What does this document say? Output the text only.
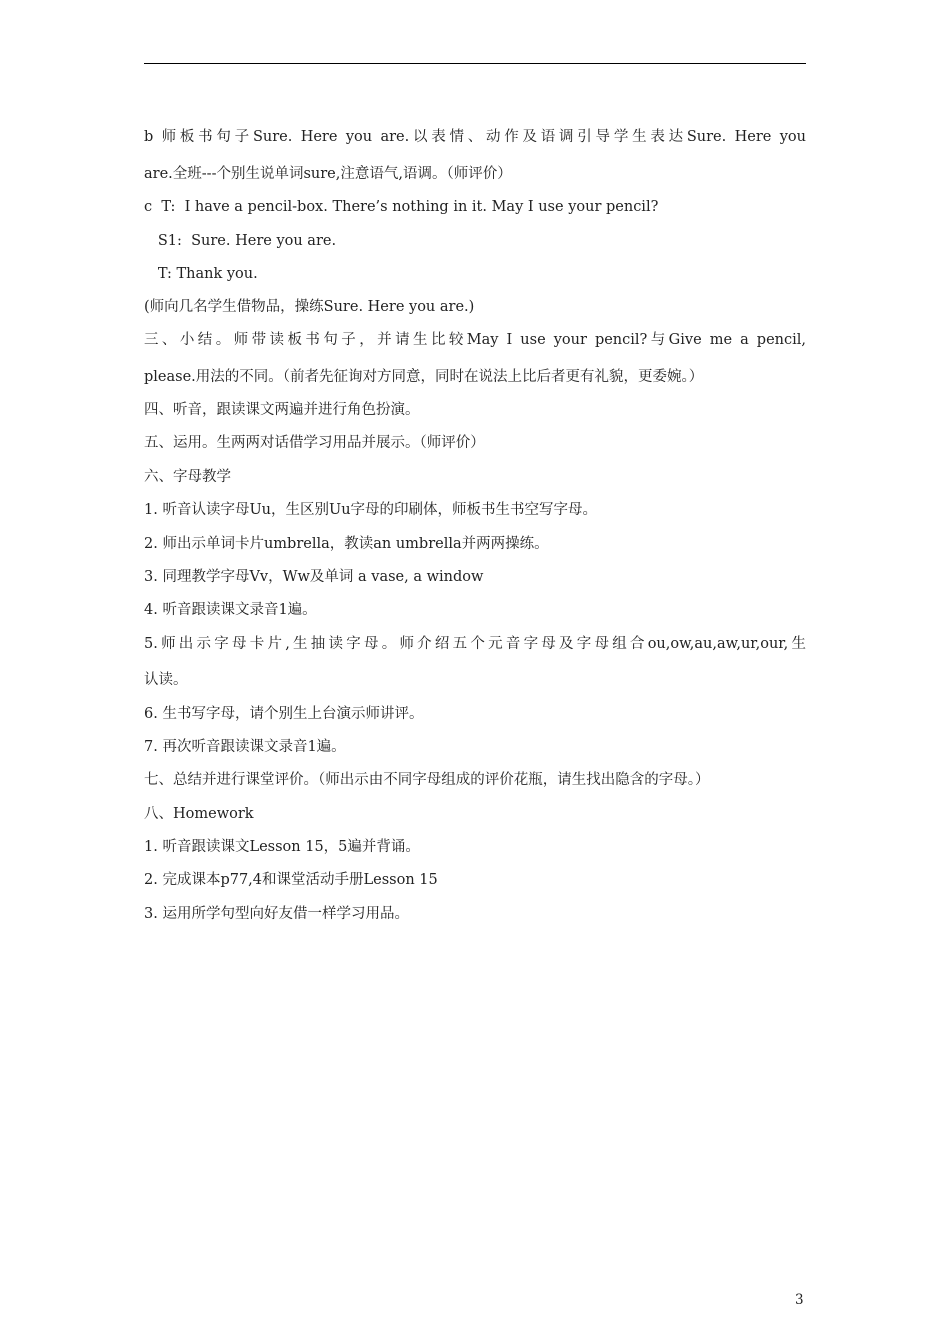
b 师板书句子Sure. Here you are.以表情、动作及语调引导学生表达Sure. Here you
are.全班---个别生说单词sure,注意语气,语调。（师评价）
c  T:  I have a pencil-box. There’s nothing in it. May I use your pencil?
S1:  Sure. Here you are.
T: Thank you.
(师向几名学生借物品，操练Sure. Here you are.)
三、小结。师带读板书句子，并请生比较May I use your pencil?与Give me a pencil,
please.用法的不同。（前者先征询对方同意，同时在说法上比后者更有礼貌，更委婉。）
四、听音，跟读课文两遍并进行角色扮演。
五、运用。生两两对话借学习用品并展示。（师评价）
六、字母教学
1. 听音认读字母Uu，生区别Uu字母的印刷体，师板书生书空写字母。
2. 师出示单词卡片umbrella，教读an umbrella并两两操练。
3. 同理教学字母Vv，Ww及单词 a vase, a window
4. 听音跟读课文录音1遍。
5.师出示字母卡片,生抽读字母。师介绍五个元音字母及字母组合ou,ow,au,aw,ur,our,生
认读。
6. 生书写字母，请个别生上台演示师讲评。
7. 再次听音跟读课文录音1遍。
七、总结并进行课堂评价。（师出示由不同字母组成的评价花瓶，请生找出隐含的字母。）
八、Homework
1. 听音跟读课文Lesson 15，5遍并背诵。
2. 完成课本p77,4和课堂活动手册Lesson 15
3. 运用所学句型向好友借一样学习用品。
3
